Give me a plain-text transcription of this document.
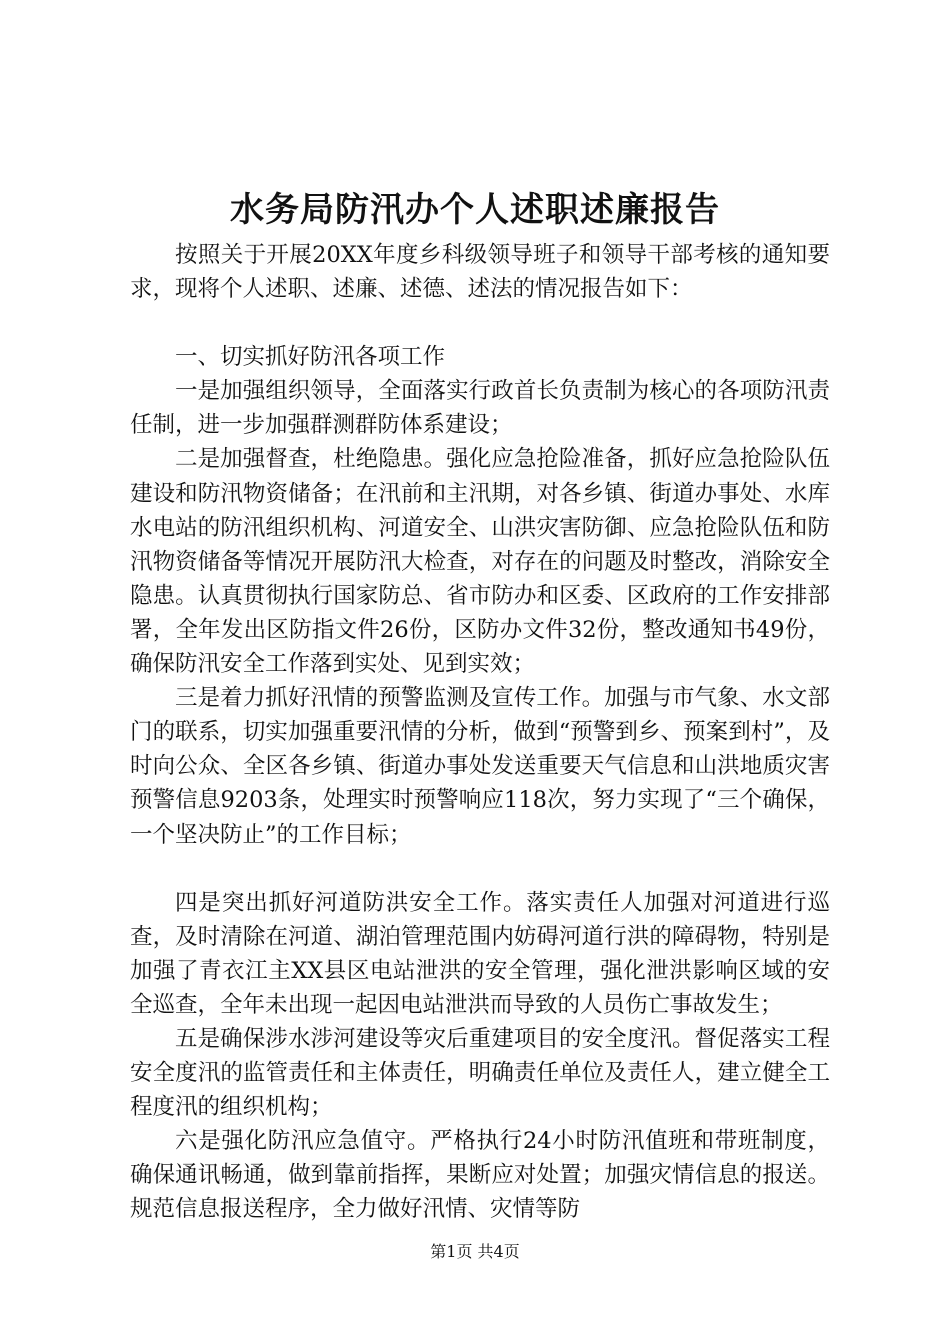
水务局防汛办个人述职述廉报告

按照关于开展20XX年度乡科级领导班子和领导干部考核的通知要求，现将个人述职、述廉、述德、述法的情况报告如下：

一、切实抓好防汛各项工作

一是加强组织领导，全面落实行政首长负责制为核心的各项防汛责任制，进一步加强群测群防体系建设；

二是加强督查，杜绝隐患。强化应急抢险准备，抓好应急抢险队伍建设和防汛物资储备；在汛前和主汛期，对各乡镇、街道办事处、水库水电站的防汛组织机构、河道安全、山洪灾害防御、应急抢险队伍和防汛物资储备等情况开展防汛大检查，对存在的问题及时整改，消除安全隐患。认真贯彻执行国家防总、省市防办和区委、区政府的工作安排部署，全年发出区防指文件26份，区防办文件32份，整改通知书49份，确保防汛安全工作落到实处、见到实效；

三是着力抓好汛情的预警监测及宣传工作。加强与市气象、水文部门的联系，切实加强重要汛情的分析，做到“预警到乡、预案到村”，及时向公众、全区各乡镇、街道办事处发送重要天气信息和山洪地质灾害预警信息9203条，处理实时预警响应118次，努力实现了“三个确保，一个坚决防止”的工作目标；

四是突出抓好河道防洪安全工作。落实责任人加强对河道进行巡查，及时清除在河道、湖泊管理范围内妨碍河道行洪的障碍物，特别是加强了青衣江主XX县区电站泄洪的安全管理，强化泄洪影响区域的安全巡查，全年未出现一起因电站泄洪而导致的人员伤亡事故发生；

五是确保涉水涉河建设等灾后重建项目的安全度汛。督促落实工程安全度汛的监管责任和主体责任，明确责任单位及责任人，建立健全工程度汛的组织机构；

六是强化防汛应急值守。严格执行24小时防汛值班和带班制度，确保通讯畅通，做到靠前指挥，果断应对处置；加强灾情信息的报送。规范信息报送程序，全力做好汛情、灾情等防

第1页 共4页
